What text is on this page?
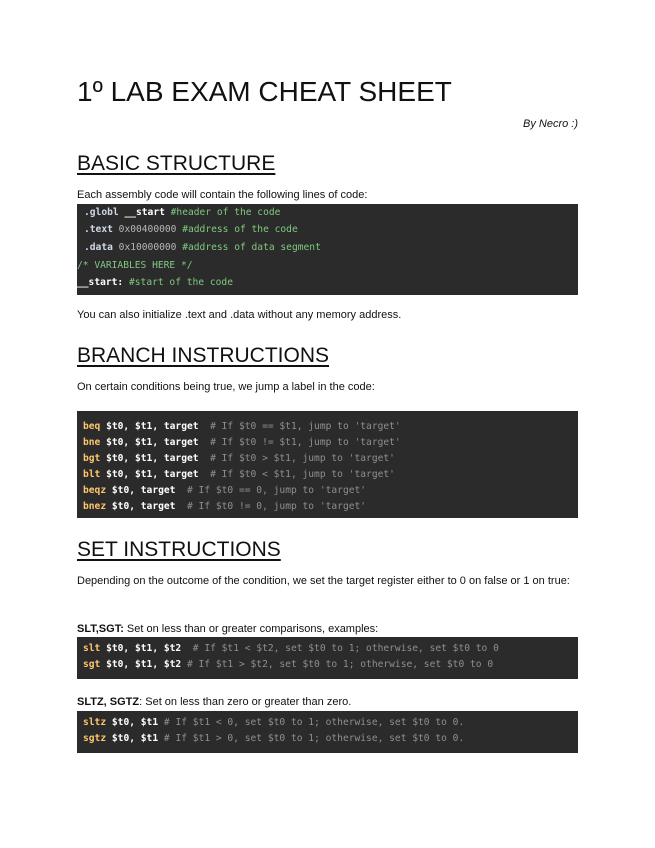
1º LAB EXAM CHEAT SHEET
By Necro :)
BASIC STRUCTURE

Each assembly code will contain the following lines of code:

.globl __start #header of the code
.text 0x00400000 #address of the code
.data 0x10000000 #address of data segment
/* VARIABLES HERE */
__start: #start of the code

You can also initialize .text and .data without any memory address.

BRANCH INSTRUCTIONS

On certain conditions being true, we jump a label in the code:

beq $t0, $t1, target # If $t0 == $t1, jump to 'target'
bne $t0, $t1, target # If $t0 != $t1, jump to 'target'
bgt $t0, $t1, target # If $t0 > $t1, jump to 'target'
blt $t0, $t1, target # If $t0 < $t1, jump to 'target'
beqz $t0, target # If $t0 == 0, jump to 'target'
bnez $t0, target # If $t0 != 0, jump to 'target'
SET INSTRUCTIONS

Depending on the outcome of the condition, we set the target register either to 0 on false or 1 on true:

SLT,SGT: Set on less than or greater comparisons, examples:

slt $t0, $t1, $t2 # If $t1 < $t2, set $t0 to 1; otherwise, set $t0 to 0
sgt $t0, $t1, $t2 # If $t1 > $t2, set $t0 to 1; otherwise, set $t0 to 0

SLTZ, SGTZ: Set on less than zero or greater than zero.

sltz $t0, $t1 # If $t1 < 0, set $t0 to 1; otherwise, set $t0 to 0.
sgtz $t0, $t1 # If $t1 > 0, set $t0 to 1; otherwise, set $t0 to 0.
